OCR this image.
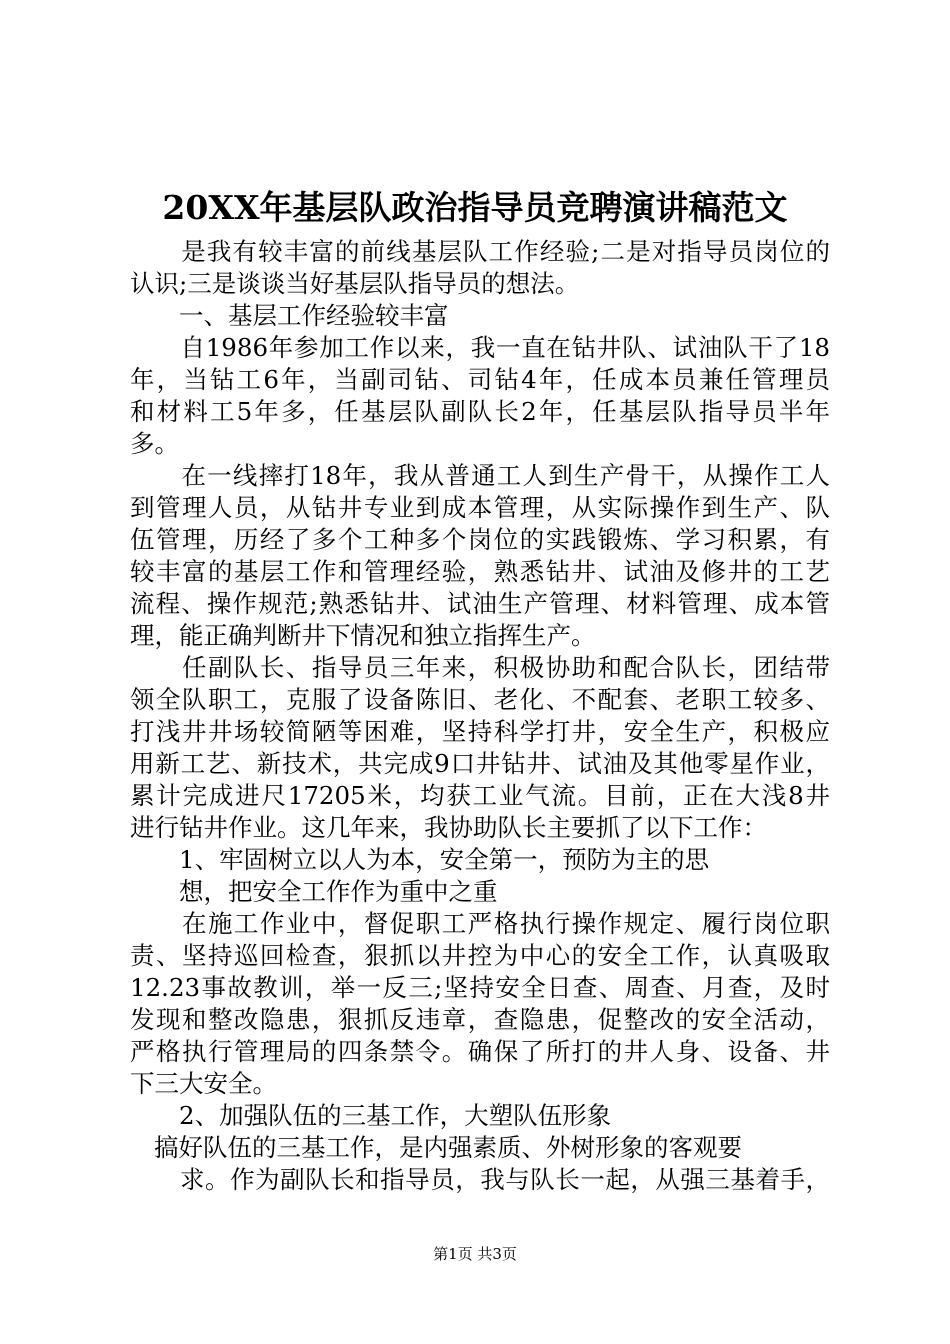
20XX年基层队政治指导员竞聘演讲稿范文
　　是我有较丰富的前线基层队工作经验;二是对指导员岗位的
认识;三是谈谈当好基层队指导员的想法。
　　一、基层工作经验较丰富
　　自1986年参加工作以来，我一直在钻井队、试油队干了18
年，当钻工6年，当副司钻、司钻4年，任成本员兼任管理员
和材料工5年多，任基层队副队长2年，任基层队指导员半年
多。
　　在一线摔打18年，我从普通工人到生产骨干，从操作工人
到管理人员，从钻井专业到成本管理，从实际操作到生产、队
伍管理，历经了多个工种多个岗位的实践锻炼、学习积累，有
较丰富的基层工作和管理经验，熟悉钻井、试油及修井的工艺
流程、操作规范;熟悉钻井、试油生产管理、材料管理、成本管
理，能正确判断井下情况和独立指挥生产。
　　任副队长、指导员三年来，积极协助和配合队长，团结带
领全队职工，克服了设备陈旧、老化、不配套、老职工较多、
打浅井井场较简陋等困难，坚持科学打井，安全生产，积极应
用新工艺、新技术，共完成9口井钻井、试油及其他零星作业，
累计完成进尺17205米，均获工业气流。目前，正在大浅8井
进行钻井作业。这几年来，我协助队长主要抓了以下工作：
　　1、牢固树立以人为本，安全第一，预防为主的思
　　想，把安全工作作为重中之重
　　在施工作业中，督促职工严格执行操作规定、履行岗位职
责、坚持巡回检查，狠抓以井控为中心的安全工作，认真吸取
12.23事故教训，举一反三;坚持安全日查、周查、月查，及时
发现和整改隐患，狠抓反违章，查隐患，促整改的安全活动，
严格执行管理局的四条禁令。确保了所打的井人身、设备、井
下三大安全。
　　2、加强队伍的三基工作，大塑队伍形象
搞好队伍的三基工作，是内强素质、外树形象的客观要
　　求。作为副队长和指导员，我与队长一起，从强三基着手，
第1页 共3页
